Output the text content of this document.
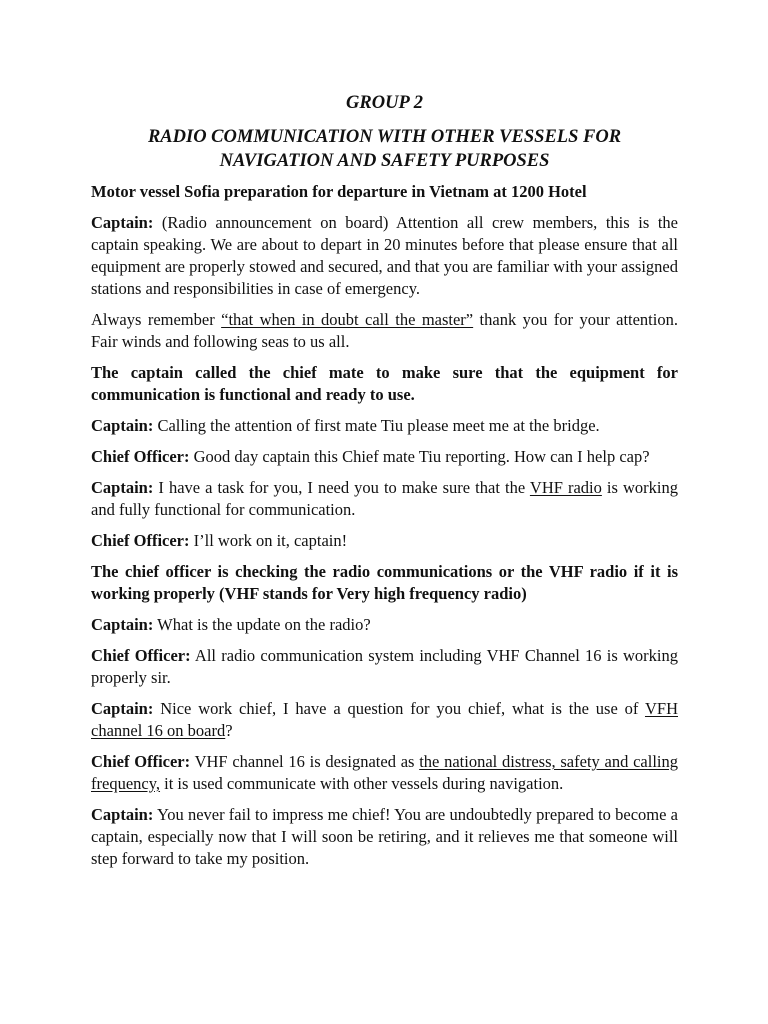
GROUP 2
RADIO COMMUNICATION WITH OTHER VESSELS FOR
NAVIGATION AND SAFETY PURPOSES

Motor vessel Sofia preparation for departure in Vietnam at 1200 Hotel

Captain: (Radio announcement on board) Attention all crew members, this is the captain speaking. We are about to depart in 20 minutes before that please ensure that all equipment are properly stowed and secured, and that you are familiar with your assigned stations and responsibilities in case of emergency.

Always remember “that when in doubt call the master” thank you for your attention. Fair winds and following seas to us all.

The captain called the chief mate to make sure that the equipment for communication is functional and ready to use.

Captain: Calling the attention of first mate Tiu please meet me at the bridge.

Chief Officer: Good day captain this Chief mate Tiu reporting. How can I help cap?

Captain: I have a task for you, I need you to make sure that the VHF radio is working and fully functional for communication.

Chief Officer: I’ll work on it, captain!

The chief officer is checking the radio communications or the VHF radio if it is working properly (VHF stands for Very high frequency radio)

Captain: What is the update on the radio?

Chief Officer: All radio communication system including VHF Channel 16 is working properly sir.

Captain: Nice work chief, I have a question for you chief, what is the use of VFH channel 16 on board?

Chief Officer: VHF channel 16 is designated as the national distress, safety and calling frequency, it is used communicate with other vessels during navigation.

Captain: You never fail to impress me chief! You are undoubtedly prepared to become a captain, especially now that I will soon be retiring, and it relieves me that someone will step forward to take my position.
